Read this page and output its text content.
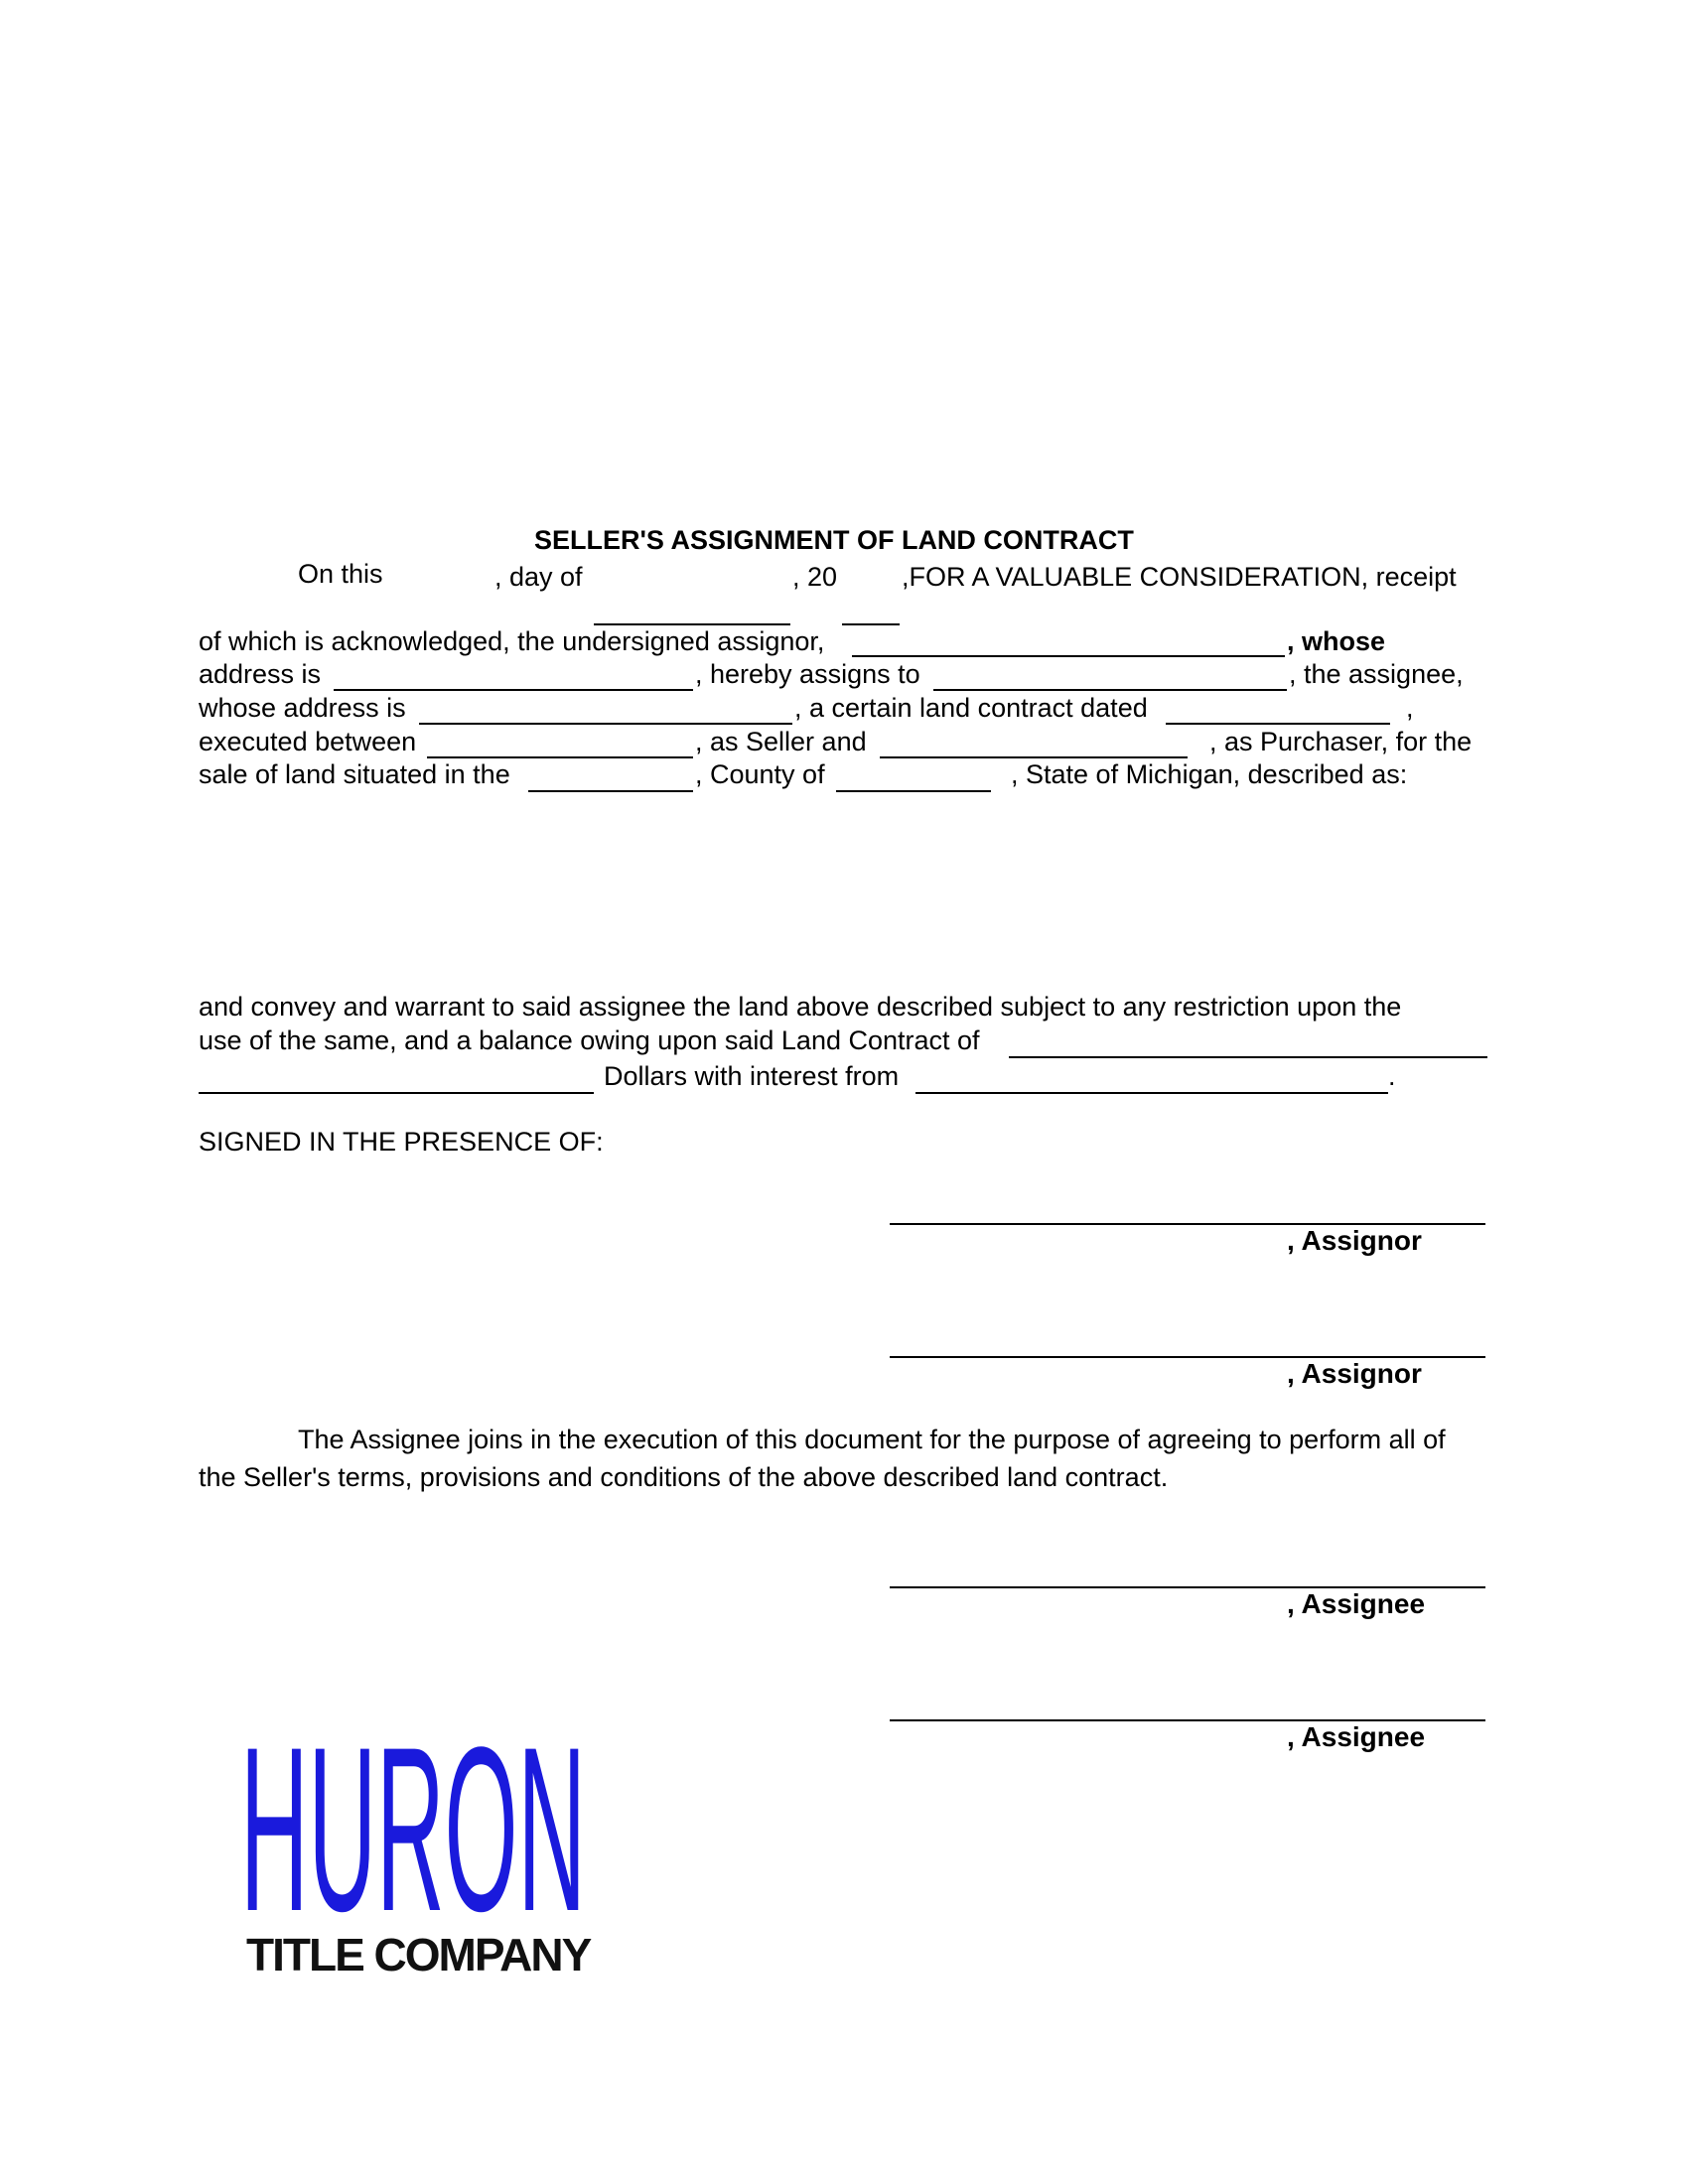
SELLER'S ASSIGNMENT OF LAND CONTRACT
On this	, day of	, 20 ,FOR A VALUABLE CONSIDERATION, receipt
of which is acknowledged, the undersigned assignor,	, whose
address is	, hereby assigns to	, the assignee,
whose address is	, a certain land contract dated	,
executed between	, as Seller and	, as Purchaser, for the
sale of land situated in the	, County of	, State of Michigan, described as:
and convey and warrant to said assignee the land above described subject to any restriction upon the
use of the same, and a balance owing upon said Land Contract of
Dollars with interest from	.
SIGNED IN THE PRESENCE OF:
, Assignor
, Assignor
The Assignee joins in the execution of this document for the purpose of agreeing to perform all of
the Seller's terms, provisions and conditions of the above described land contract.
, Assignee
, Assignee
HURON
TITLE COMPANY
